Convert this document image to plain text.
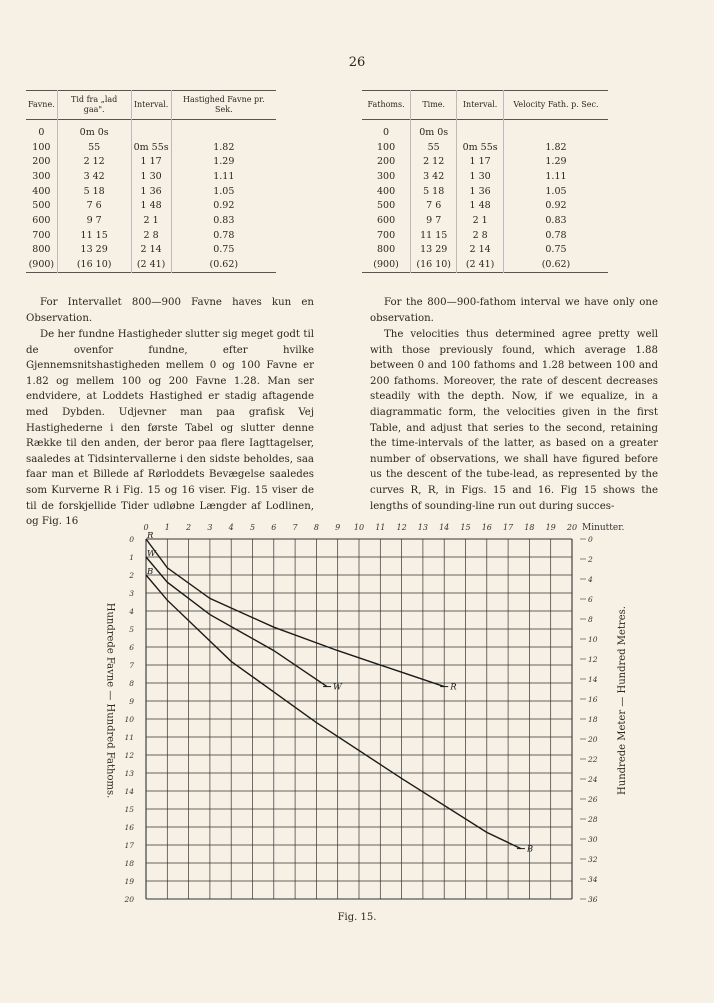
26
Favne.	Tid fra „lad gaa".	Interval.	Hastighed Favne pr. Sek.
0	0m 0s		
100	55	0m 55s	1.82
200	2 12	1 17	1.29
300	3 42	1 30	1.11
400	5 18	1 36	1.05
500	7 6	1 48	0.92
600	9 7	2 1	0.83
700	11 15	2 8	0.78
800	13 29	2 14	0.75
(900)	(16 10)	(2 41)	(0.62)
Fathoms.	Time.	Interval.	Velocity Fath. p. Sec.
0	0m 0s		
100	55	0m 55s	1.82
200	2 12	1 17	1.29
300	3 42	1 30	1.11
400	5 18	1 36	1.05
500	7 6	1 48	0.92
600	9 7	2 1	0.83
700	11 15	2 8	0.78
800	13 29	2 14	0.75
(900)	(16 10)	(2 41)	(0.62)

For Intervallet 800—900 Favne haves kun en Observation.

De her fundne Hastigheder slutter sig meget godt til de ovenfor fundne, efter hvilke Gjennemsnitshastigheden mellem 0 og 100 Favne er 1.82 og mellem 100 og 200 Favne 1.28. Man ser endvidere, at Loddets Hastighed er stadig aftagende med Dybden. Udjevner man paa grafisk Vej Hastighederne i den første Tabel og slutter denne Række til den anden, der beror paa flere Iagttagelser, saaledes at Tidsintervallerne i den sidste beholdes, saa faar man et Billede af Rørloddets Bevægelse saaledes som Kurverne R i Fig. 15 og 16 viser. Fig. 15 viser de til de forskjellide Tider udløbne Længder af Lodlinen, og Fig. 16

For the 800—900-fathom interval we have only one observation.

The velocities thus determined agree pretty well with those previously found, which average 1.88 between 0 and 100 fathoms and 1.28 between 100 and 200 fathoms. Moreover, the rate of descent decreases steadily with the depth. Now, if we equalize, in a diagrammatic form, the velocities given in the first Table, and adjust that series to the second, retaining the time-intervals of the latter, as based on a greater number of observations, we shall have figured before us the descent of the tube-lead, as represented by the curves R, R, in Figs. 15 and 16. Fig 15 shows the lengths of sounding-line run out during succes-

0 1 2 3 4 5 6 7 8 9 10 11 12 13 14 15 16 17 18 19 20 Minutter.
0
1
2
3
4
5
6
7
8
9
10
11
12
13
14
15
16
17
18
19
20
0
2
4
6
8
10
12
14
16
18
20
22
24
26
28
30
32
34
36
R
R
W
W
B
B
Hundrede Favne — Hundred Fathoms.	Hundrede Meter — Hundred Metres.
Fig. 15.
